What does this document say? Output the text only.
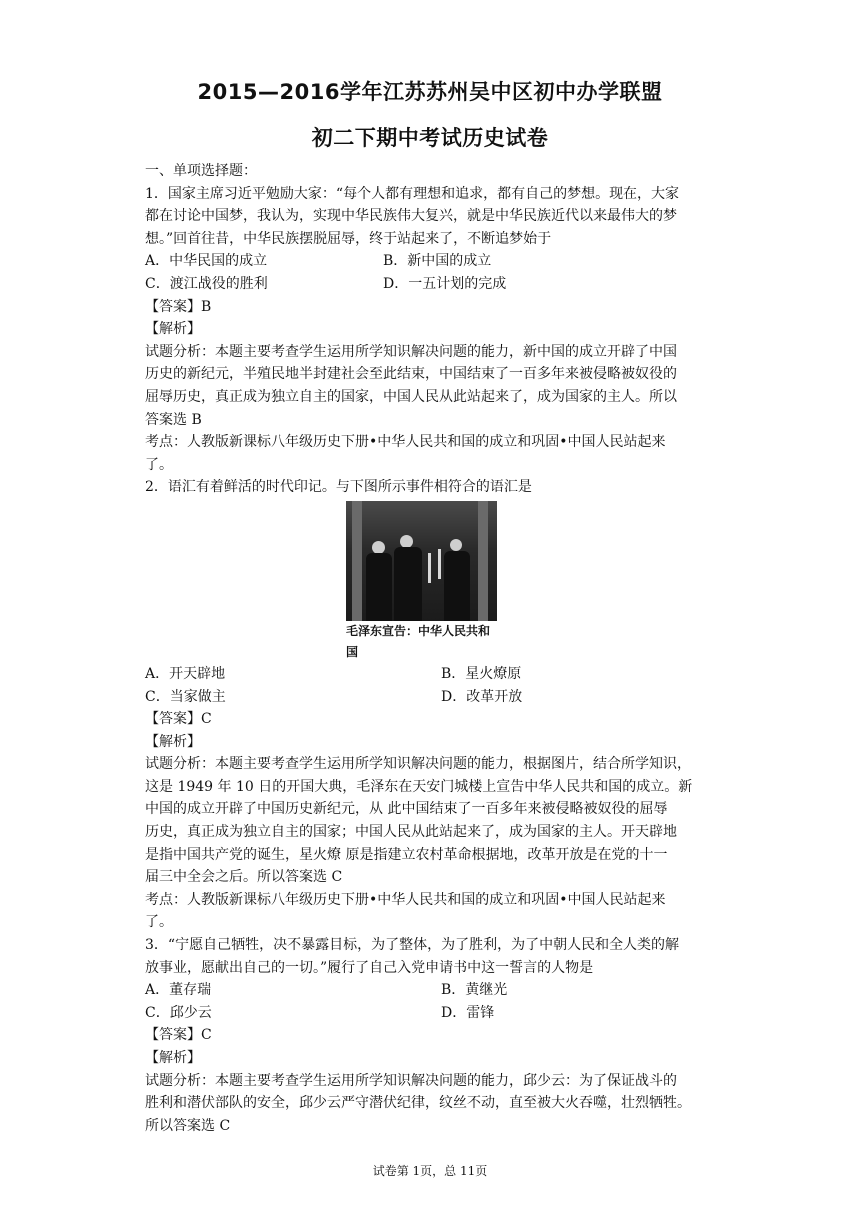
2015—2016学年江苏苏州吴中区初中办学联盟
初二下期中考试历史试卷
一、单项选择题：
1．国家主席习近平勉励大家：“每个人都有理想和追求，都有自己的梦想。现在，大家
都在讨论中国梦，我认为，实现中华民族伟大复兴，就是中华民族近代以来最伟大的梦
想。”回首往昔，中华民族摆脱屈辱，终于站起来了，不断追梦始于
A．中华民国的成立	B．新中国的成立
C．渡江战役的胜利	D．一五计划的完成
【答案】B
【解析】
试题分析：本题主要考查学生运用所学知识解决问题的能力，新中国的成立开辟了中国
历史的新纪元，半殖民地半封建社会至此结束，中国结束了一百多年来被侵略被奴役的
屈辱历史，真正成为独立自主的国家，中国人民从此站起来了，成为国家的主人。所以
答案选 B
考点：人教版新课标八年级历史下册•中华人民共和国的成立和巩固•中国人民站起来
了。
2．语汇有着鲜活的时代印记。与下图所示事件相符合的语汇是
毛泽东宣告：中华人民共和
国
A．开天辟地	B．星火燎原
C．当家做主	D．改革开放
【答案】C
【解析】
试题分析：本题主要考查学生运用所学知识解决问题的能力，根据图片，结合所学知识，
这是 1949 年 10 日的开国大典，毛泽东在天安门城楼上宣告中华人民共和国的成立。新
中国的成立开辟了中国历史新纪元，从 此中国结束了一百多年来被侵略被奴役的屈辱
历史，真正成为独立自主的国家；中国人民从此站起来了，成为国家的主人。开天辟地
是指中国共产党的诞生，星火燎 原是指建立农村革命根据地，改革开放是在党的十一
届三中全会之后。所以答案选 C
考点：人教版新课标八年级历史下册•中华人民共和国的成立和巩固•中国人民站起来
了。
3．“宁愿自己牺牲，决不暴露目标，为了整体，为了胜利，为了中朝人民和全人类的解
放事业，愿献出自己的一切。”履行了自己入党申请书中这一誓言的人物是
A．董存瑞	B．黄继光
C．邱少云	D．雷锋
【答案】C
【解析】
试题分析：本题主要考查学生运用所学知识解决问题的能力，邱少云：为了保证战斗的
胜利和潜伏部队的安全，邱少云严守潜伏纪律，纹丝不动，直至被大火吞噬，壮烈牺牲。
所以答案选 C
试卷第 1页，总 11页
